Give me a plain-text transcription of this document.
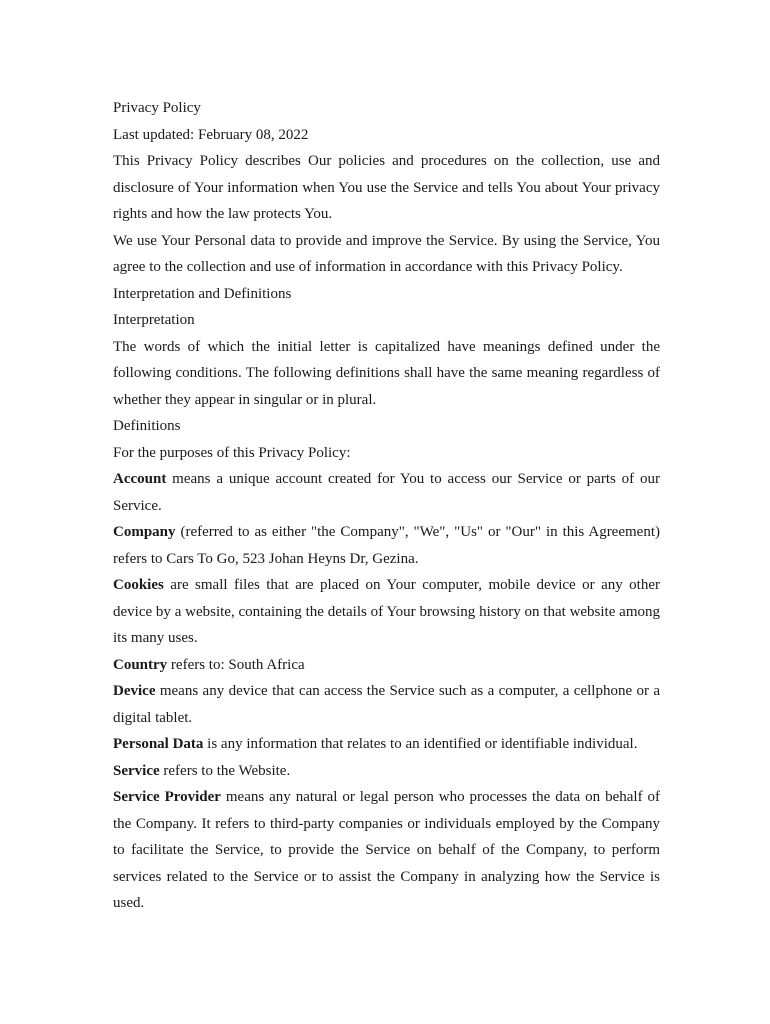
Privacy Policy

Last updated: February 08, 2022

This Privacy Policy describes Our policies and procedures on the collection, use and disclosure of Your information when You use the Service and tells You about Your privacy rights and how the law protects You.

We use Your Personal data to provide and improve the Service. By using the Service, You agree to the collection and use of information in accordance with this Privacy Policy.

Interpretation and Definitions

Interpretation

The words of which the initial letter is capitalized have meanings defined under the following conditions. The following definitions shall have the same meaning regardless of whether they appear in singular or in plural.

Definitions

For the purposes of this Privacy Policy:

Account means a unique account created for You to access our Service or parts of our Service.

Company (referred to as either "the Company", "We", "Us" or "Our" in this Agreement) refers to Cars To Go, 523 Johan Heyns Dr, Gezina.

Cookies are small files that are placed on Your computer, mobile device or any other device by a website, containing the details of Your browsing history on that website among its many uses.

Country refers to: South Africa

Device means any device that can access the Service such as a computer, a cellphone or a digital tablet.

Personal Data is any information that relates to an identified or identifiable individual.

Service refers to the Website.

Service Provider means any natural or legal person who processes the data on behalf of the Company. It refers to third-party companies or individuals employed by the Company to facilitate the Service, to provide the Service on behalf of the Company, to perform services related to the Service or to assist the Company in analyzing how the Service is used.
